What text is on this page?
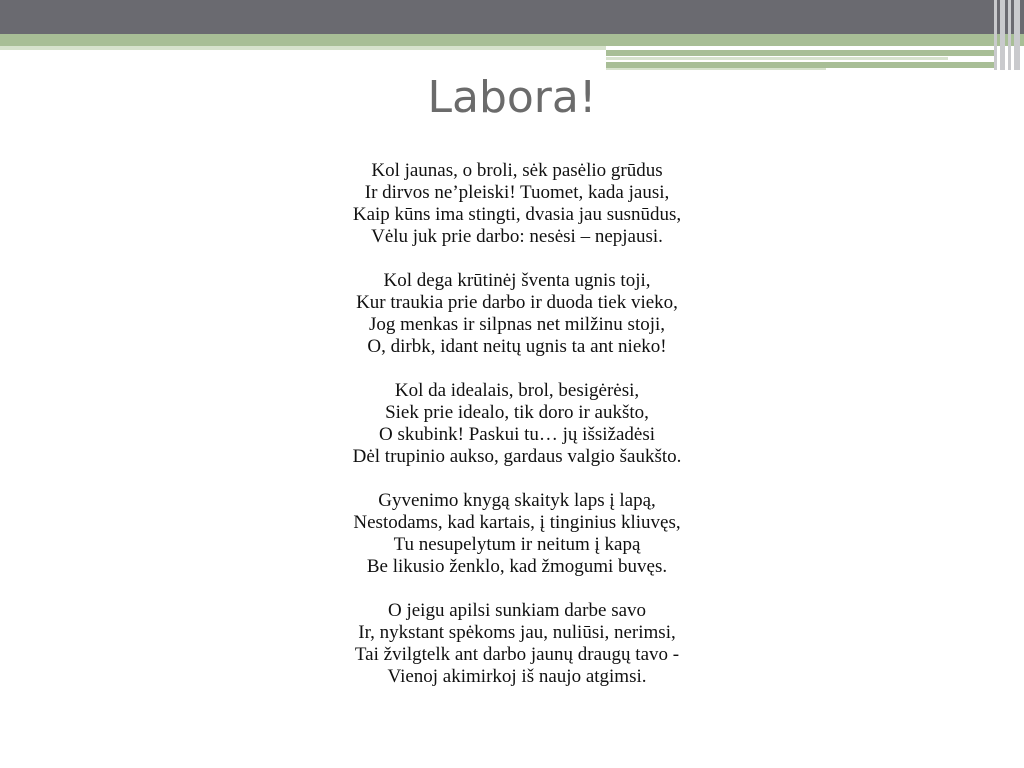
Labora!
Kol jaunas, o broli, sėk pasėlio grūdus
Ir dirvos ne’pleiski! Tuomet, kada jausi,
Kaip kūns ima stingti, dvasia jau susnūdus,
Vėlu juk prie darbo: nesėsi – nepjausi.
Kol dega krūtinėj šventa ugnis toji,
Kur traukia prie darbo ir duoda tiek vieko,
Jog menkas ir silpnas net milžinu stoji,
O, dirbk, idant neitų ugnis ta ant nieko!
Kol da idealais, brol, besigėrėsi,
Siek prie idealo, tik doro ir aukšto,
O skubink! Paskui tu… jų išsižadėsi
Dėl trupinio aukso, gardaus valgio šaukšto.
Gyvenimo knygą skaityk laps į lapą,
Nestodams, kad kartais, į tinginius kliuvęs,
Tu nesupelytum ir neitum į kapą
Be likusio ženklo, kad žmogumi buvęs.
O jeigu apilsi sunkiam darbe savo
Ir, nykstant spėkoms jau, nuliūsi, nerimsi,
Tai žvilgtelk ant darbo jaunų draugų tavo -
Vienoj akimirkoj iš naujo atgimsi.
